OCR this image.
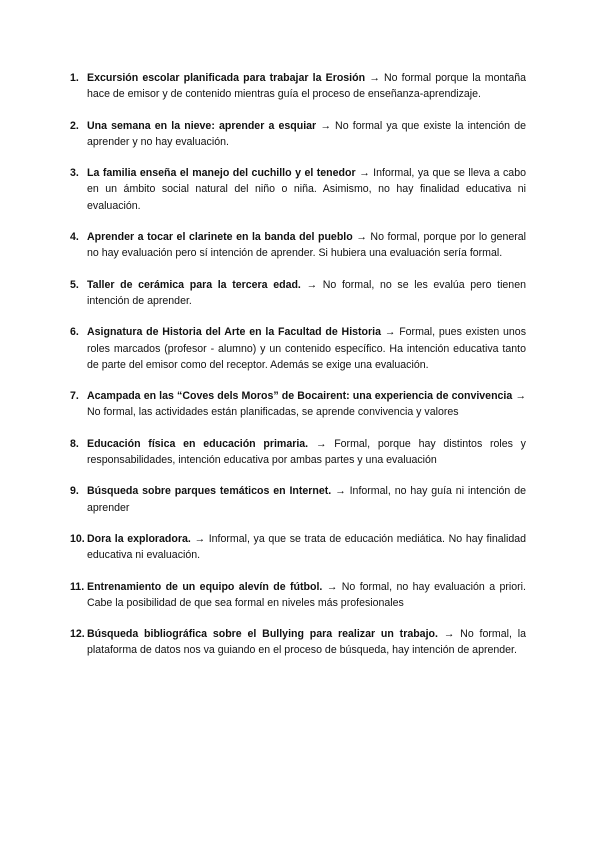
1. Excursión escolar planificada para trabajar la Erosión → No formal porque la montaña hace de emisor y de contenido mientras guía el proceso de enseñanza-aprendizaje.
2. Una semana en la nieve: aprender a esquiar → No formal ya que existe la intención de aprender y no hay evaluación.
3. La familia enseña el manejo del cuchillo y el tenedor → Informal, ya que se lleva a cabo en un ámbito social natural del niño o niña. Asimismo, no hay finalidad educativa ni evaluación.
4. Aprender a tocar el clarinete en la banda del pueblo → No formal, porque por lo general no hay evaluación pero sí intención de aprender. Si hubiera una evaluación sería formal.
5. Taller de cerámica para la tercera edad. → No formal, no se les evalúa pero tienen intención de aprender.
6. Asignatura de Historia del Arte en la Facultad de Historia → Formal, pues existen unos roles marcados (profesor - alumno) y un contenido específico. Ha intención educativa tanto de parte del emisor como del receptor. Además se exige una evaluación.
7. Acampada en las “Coves dels Moros” de Bocairent: una experiencia de convivencia → No formal, las actividades están planificadas, se aprende convivencia y valores
8. Educación física en educación primaria. → Formal, porque hay distintos roles y responsabilidades, intención educativa por ambas partes y una evaluación
9. Búsqueda sobre parques temáticos en Internet. → Informal, no hay guía ni intención de aprender
10. Dora la exploradora. → Informal, ya que se trata de educación mediática. No hay finalidad educativa ni evaluación.
11. Entrenamiento de un equipo alevín de fútbol. → No formal, no hay evaluación a priori. Cabe la posibilidad de que sea formal en niveles más profesionales
12. Búsqueda bibliográfica sobre el Bullying para realizar un trabajo. → No formal, la plataforma de datos nos va guiando en el proceso de búsqueda, hay intención de aprender.
